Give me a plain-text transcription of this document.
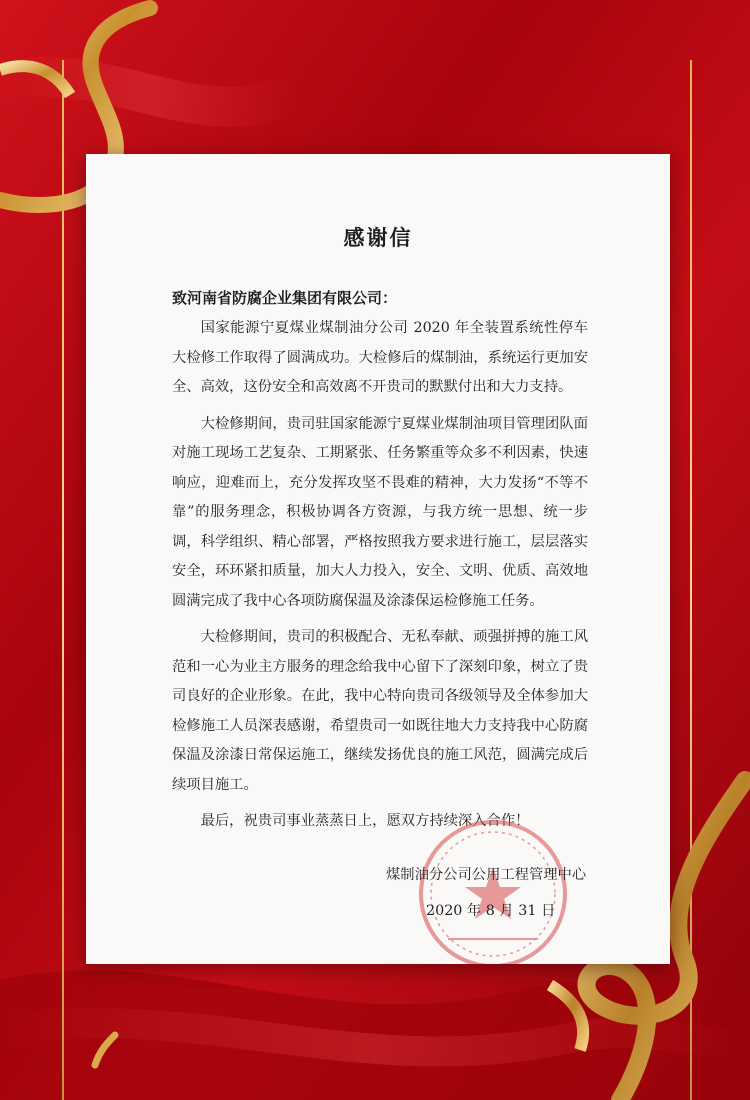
感谢信
致河南省防腐企业集团有限公司：

国家能源宁夏煤业煤制油分公司 2020 年全装置系统性停车大检修工作取得了圆满成功。大检修后的煤制油，系统运行更加安全、高效，这份安全和高效离不开贵司的默默付出和大力支持。

大检修期间，贵司驻国家能源宁夏煤业煤制油项目管理团队面对施工现场工艺复杂、工期紧张、任务繁重等众多不利因素，快速响应，迎难而上，充分发挥攻坚不畏难的精神，大力发扬“不等不靠”的服务理念，积极协调各方资源，与我方统一思想、统一步调，科学组织、精心部署，严格按照我方要求进行施工，层层落实安全，环环紧扣质量，加大人力投入，安全、文明、优质、高效地圆满完成了我中心各项防腐保温及涂漆保运检修施工任务。

大检修期间，贵司的积极配合、无私奉献、顽强拼搏的施工风范和一心为业主方服务的理念给我中心留下了深刻印象，树立了贵司良好的企业形象。在此，我中心特向贵司各级领导及全体参加大检修施工人员深表感谢，希望贵司一如既往地大力支持我中心防腐保温及涂漆日常保运施工，继续发扬优良的施工风范，圆满完成后续项目施工。

最后，祝贵司事业蒸蒸日上，愿双方持续深入合作！

煤制油分公司公用工程管理中心
2020 年 8 月 31 日
